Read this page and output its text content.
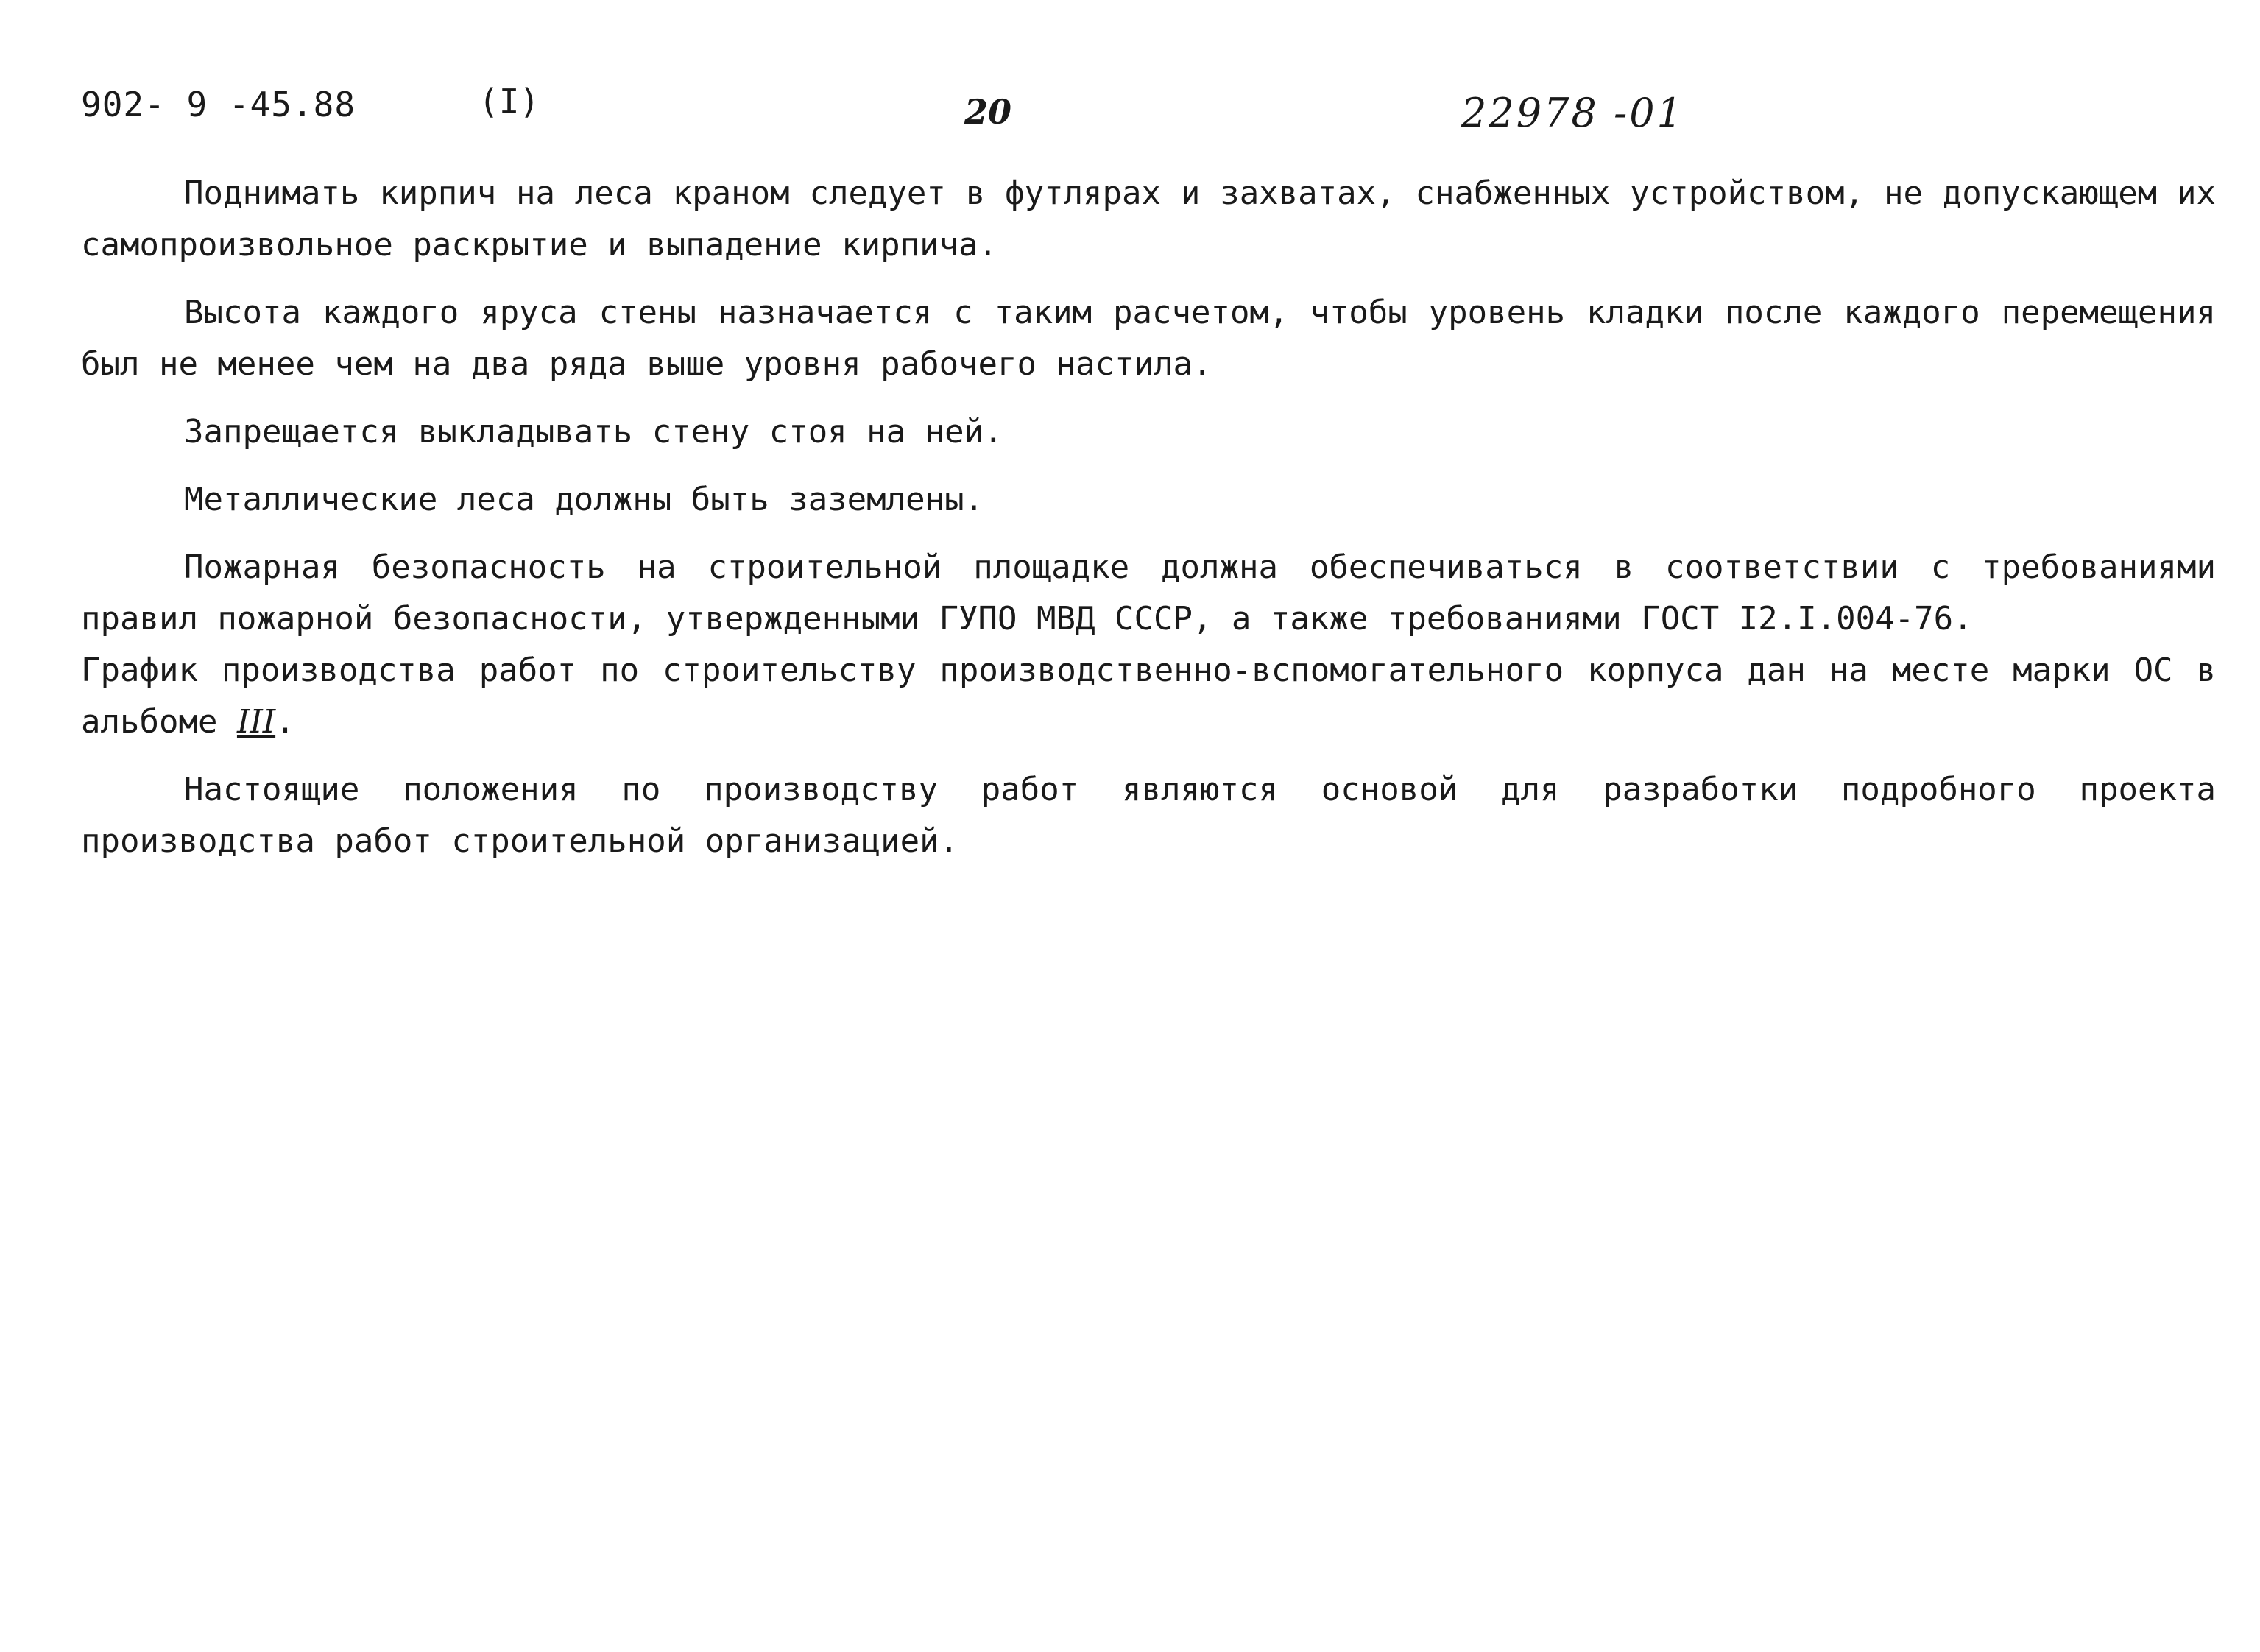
902- 9 -45.88	(I)	20	22978 -01

Поднимать кирпич на леса краном следует в футлярах и захватах, снабженных устройством, не допускающем их самопроизвольное раскрытие и выпадение кирпича.

Высота каждого яруса стены назначается с таким расчетом, чтобы уровень кладки после каждого перемещения был не менее чем на два ряда выше уровня рабочего настила.

Запрещается выкладывать стену стоя на ней.

Металлические леса должны быть заземлены.

Пожарная безопасность на строительной площадке должна обеспечиваться в соответствии с требованиями правил пожарной безопасности, утвержденными ГУПО МВД СССР, а также требованиями ГОСТ I2.I.004-76.

График производства работ по строительству производственно-вспомогательного корпуса дан на месте марки ОС в альбоме III.

Настоящие положения по производству работ являются основой для разработки подробного проекта производства работ строительной организацией.
